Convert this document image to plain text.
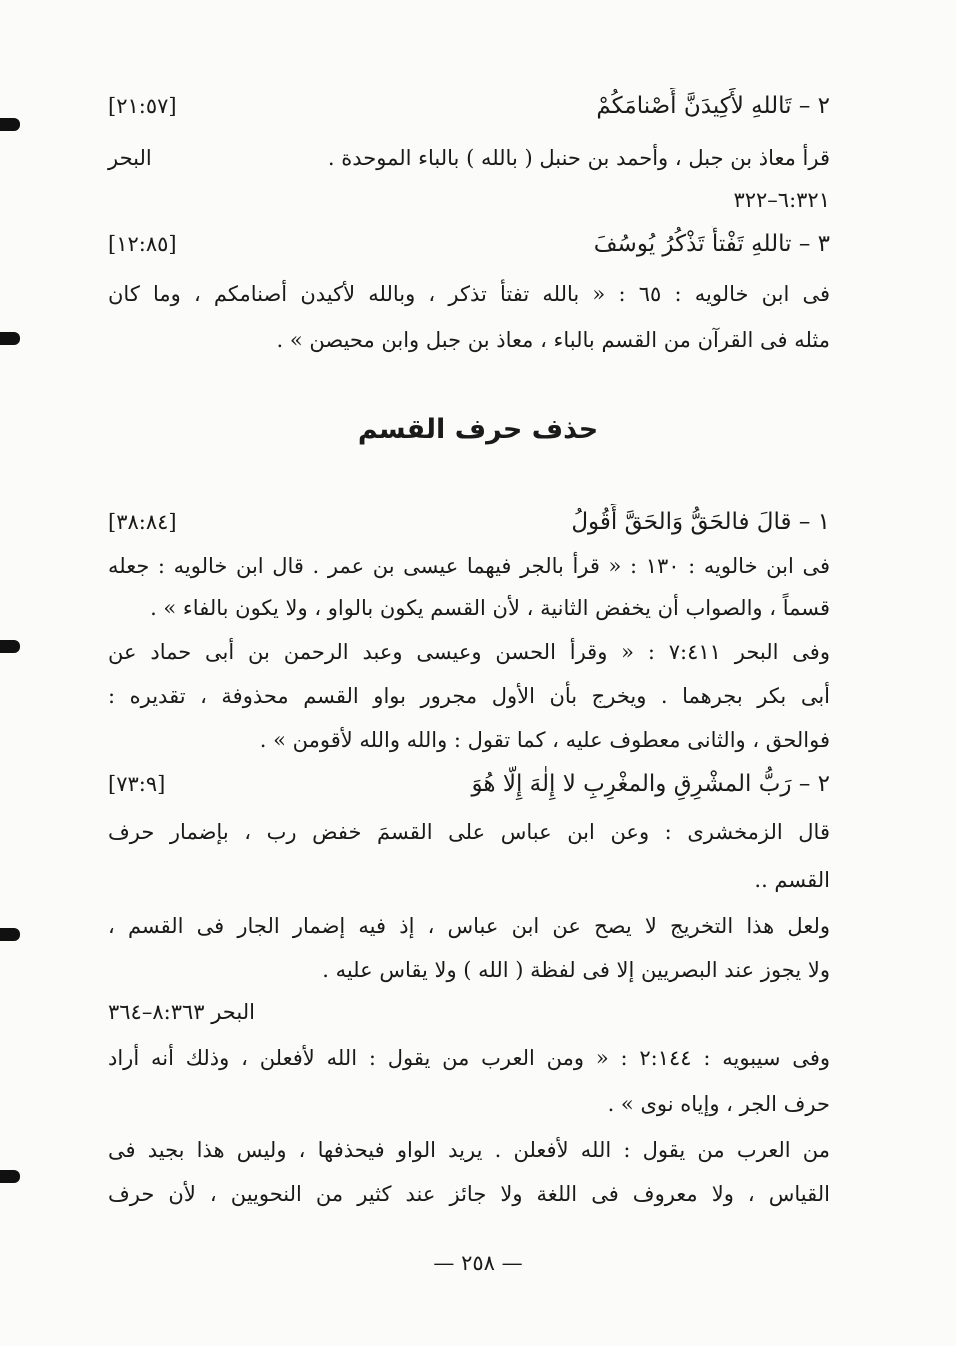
٢ – تَاللهِ لأَكِيدَنَّ أَصْنامَكُمْ
[٢١:٥٧]
قرأ معاذ بن جبل ، وأحمد بن حنبل ( بالله ) بالباء الموحدة .
البحر
٦:٣٢١–٣٢٢
٣ – تاللهِ تَفْتأُ تَذْكُرُ يُوسُفَ
[١٢:٨٥]
فى ابن خالويه : ٦٥ : « بالله تفتأ تذكر ، وبالله لأكيدن أصنامكم ، وما كان
مثله فى القرآن من القسم بالباء ، معاذ بن جبل وابن محيصن » .
حذف حرف القسم
١ – قالَ فالحَقُّ وَالحَقَّ أَقُولُ
[٣٨:٨٤]
فى ابن خالويه : ١٣٠ : « قرأ بالجر فيهما عيسى بن عمر . قال ابن خالويه : جعله
قسماً ، والصواب أن يخفض الثانية ، لأن القسم يكون بالواو ، ولا يكون بالفاء » .
وفى البحر ٧:٤١١ : « وقرأ الحسن وعيسى وعبد الرحمن بن أبى حماد عن
أبى بكر بجرهما . ويخرج بأن الأول مجرور بواو القسم محذوفة ، تقديره :
فوالحق ، والثانى معطوف عليه ، كما تقول : والله والله لأقومن » .
٢ – رَبُّ المشْرِقِ والمغْرِبِ لا إِلٰهَ إِلَّا هُوَ
[٧٣:٩]
قال الزمخشرى : وعن ابن عباس على القسمَ خفض رب ، بإضمار حرف
القسم ..
ولعل هذا التخريج لا يصح عن ابن عباس ، إذ فيه إضمار الجار فى القسم ،
ولا يجوز عند البصريين إلا فى لفظة ( الله ) ولا يقاس عليه .
البحر ٨:٣٦٣–٣٦٤
وفى سيبويه : ٢:١٤٤ : « ومن العرب من يقول : الله لأفعلن ، وذلك أنه أراد
حرف الجر ، وإياه نوى » .
من العرب من يقول : الله لأفعلن . يريد الواو فيحذفها ، وليس هذا بجيد فى
القياس ، ولا معروف فى اللغة ولا جائز عند كثير من النحويين ، لأن حرف
— ٢٥٨ —
